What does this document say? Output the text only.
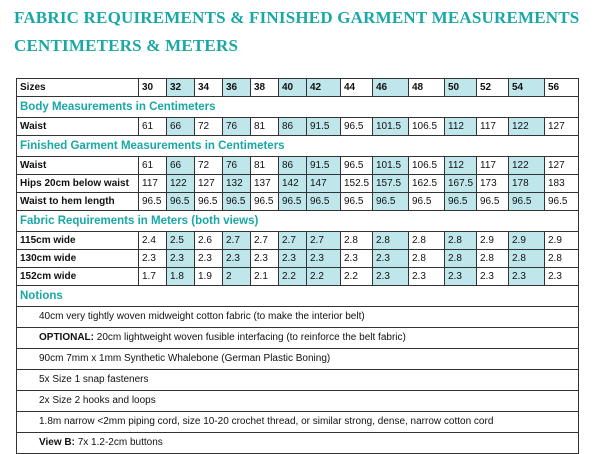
FABRIC REQUIREMENTS & FINISHED GARMENT MEASUREMENTS
CENTIMETERS & METERS
Sizes	30	32	34	36	38	40	42	44	46	48	50	52	54	56
Body Measurements in Centimeters														
Waist	61	66	72	76	81	86	91.5	96.5	101.5	106.5	112	117	122	127
Finished Garment Measurements in Centimeters														
Waist	61	66	72	76	81	86	91.5	96.5	101.5	106.5	112	117	122	127
Hips 20cm below waist	117	122	127	132	137	142	147	152.5	157.5	162.5	167.5	173	178	183
Waist to hem length	96.5	96.5	96.5	96.5	96.5	96.5	96.5	96.5	96.5	96.5	96.5	96.5	96.5	96.5
Fabric Requirements in Meters (both views)														
115cm wide	2.4	2.5	2.6	2.7	2.7	2.7	2.7	2.8	2.8	2.8	2.8	2.9	2.9	2.9
130cm wide	2.3	2.3	2.3	2.3	2.3	2.3	2.3	2.3	2.3	2.8	2.8	2.8	2.8	2.8
152cm wide	1.7	1.8	1.9	2	2.1	2.2	2.2	2.2	2.3	2.3	2.3	2.3	2.3	2.3
Notions														
40cm very tightly woven midweight cotton fabric (to make the interior belt)														
OPTIONAL: 20cm lightweight woven fusible interfacing (to reinforce the belt fabric)														
90cm 7mm x 1mm Synthetic Whalebone (German Plastic Boning)														
5x Size 1 snap fasteners														
2x Size 2 hooks and loops														
1.8m narrow <2mm piping cord, size 10-20 crochet thread, or similar strong, dense, narrow cotton cord														
View B: 7x 1.2-2cm buttons														
